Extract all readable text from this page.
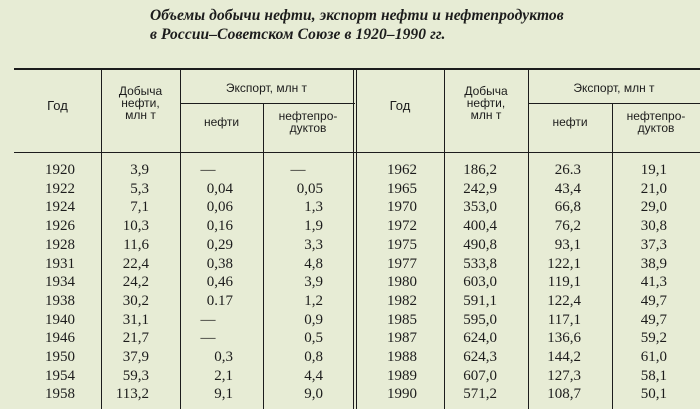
Объемы добычи нефти, экспорт нефти и нефтепродуктов
в России–Советском Союзе в 1920–1990 гг.
Год
Добыча
нефти,
млн т
Экспорт, млн т
нефти	нефтепро-
дуктов
Год
Добыча
нефти,
млн т
Экспорт, млн т
нефти	нефтепро-
дуктов
1920	3,9	—	—
1922	5,3	0,04	0,05
1924	7,1	0,06	1,3
1926	10,3	0,16	1,9
1928	11,6	0,29	3,3
1931	22,4	0,38	4,8
1934	24,2	0,46	3,9
1938	30,2	0.17	1,2
1940	31,1	—	0,9
1946	21,7	—	0,5
1950	37,9	0,3	0,8
1954	59,3	2,1	4,4
1958	113,2	9,1	9,0
1962	186,2	26.3	19,1
1965	242,9	43,4	21,0
1970	353,0	66,8	29,0
1972	400,4	76,2	30,8
1975	490,8	93,1	37,3
1977	533,8	122,1	38,9
1980	603,0	119,1	41,3
1982	591,1	122,4	49,7
1985	595,0	117,1	49,7
1987	624,0	136,6	59,2
1988	624,3	144,2	61,0
1989	607,0	127,3	58,1
1990	571,2	108,7	50,1
